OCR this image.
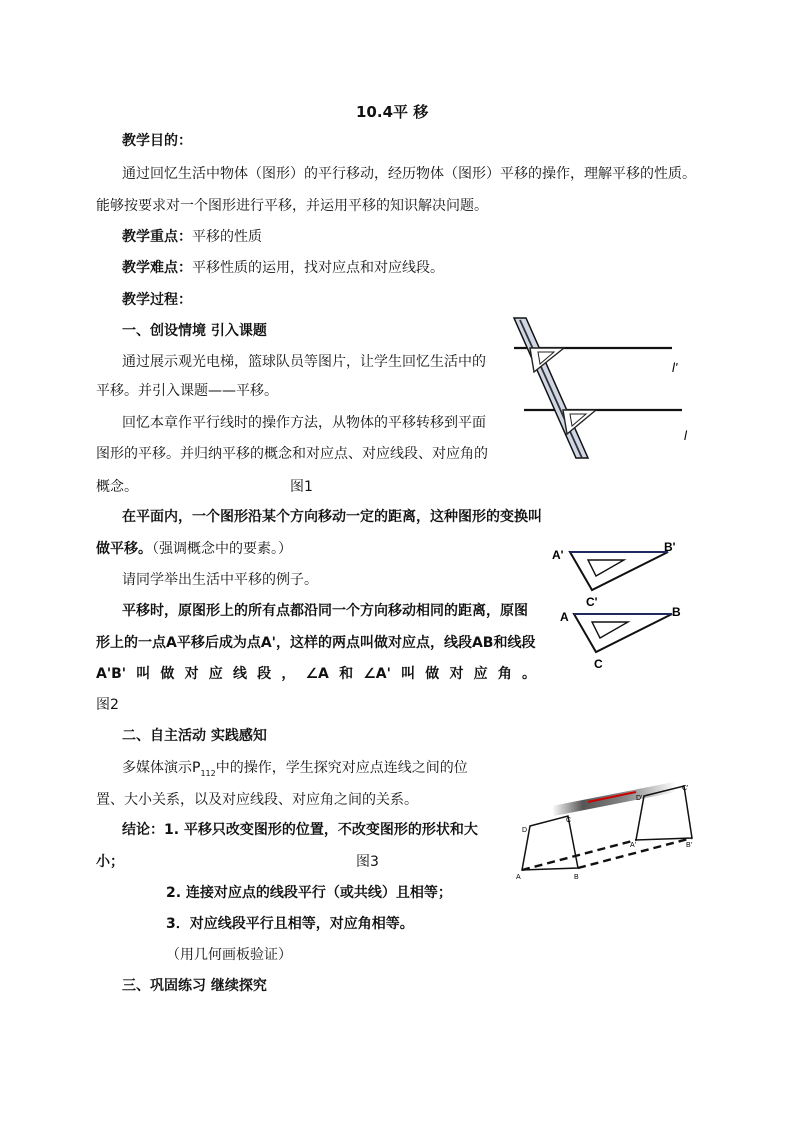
10.4平 移
教学目的：
通过回忆生活中物体（图形）的平行移动，经历物体（图形）平移的操作，理解平移的性质。
能够按要求对一个图形进行平移，并运用平移的知识解决问题。
教学重点：平移的性质
教学难点：平移性质的运用，找对应点和对应线段。
教学过程：
一、创设情境 引入课题
通过展示观光电梯，篮球队员等图片，让学生回忆生活中的
平移。并引入课题——平移。
回忆本章作平行线时的操作方法，从物体的平移转移到平面
图形的平移。并归纳平移的概念和对应点、对应线段、对应角的
概念。	图1
在平面内，一个图形沿某个方向移动一定的距离，这种图形的变换叫
做平移。（强调概念中的要素。）
请同学举出生活中平移的例子。
平移时，原图形上的所有点都沿同一个方向移动相同的距离，原图
形上的一点A平移后成为点A'，这样的两点叫做对应点，线段AB和线段
A'B'叫做对应线段，∠A和∠A'叫做对应角。
图2
二、自主活动 实践感知
多媒体演示$P_{112}$中的操作，学生探究对应点连线之间的位
置、大小关系，以及对应线段、对应角之间的关系。
结论：1. 平移只改变图形的位置，不改变图形的形状和大
小；	图3
2. 连接对应点的线段平行（或共线）且相等；
3．对应线段平行且相等，对应角相等。
（用几何画板验证）
三、巩固练习 继续探究
l'
l
A'
B'
C'
A	B
C
D
C
A	B
D'
C'
A'	B'
